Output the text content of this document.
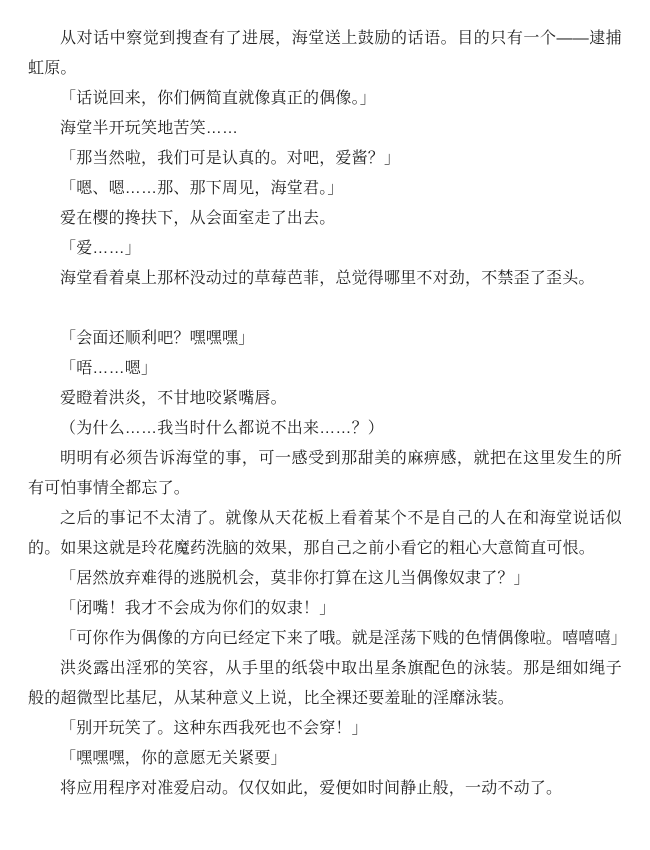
从对话中察觉到搜查有了进展，海堂送上鼓励的话语。目的只有一个——逮捕虹原。

「话说回来，你们俩简直就像真正的偶像。」

海堂半开玩笑地苦笑……

「那当然啦，我们可是认真的。对吧，爱酱？」

「嗯、嗯……那、那下周见，海堂君。」

爱在樱的搀扶下，从会面室走了出去。

「爱……」

海堂看着桌上那杯没动过的草莓芭菲，总觉得哪里不对劲，不禁歪了歪头。

「会面还顺利吧？嘿嘿嘿」

「唔……嗯」

爱瞪着洪炎，不甘地咬紧嘴唇。

（为什么……我当时什么都说不出来……？）

明明有必须告诉海堂的事，可一感受到那甜美的麻痹感，就把在这里发生的所有可怕事情全都忘了。

之后的事记不太清了。就像从天花板上看着某个不是自己的人在和海堂说话似的。如果这就是玲花魔药洗脑的效果，那自己之前小看它的粗心大意简直可恨。

「居然放弃难得的逃脱机会，莫非你打算在这儿当偶像奴隶了？」

「闭嘴！我才不会成为你们的奴隶！」

「可你作为偶像的方向已经定下来了哦。就是淫荡下贱的色情偶像啦。嘻嘻嘻」

洪炎露出淫邪的笑容，从手里的纸袋中取出星条旗配色的泳装。那是细如绳子般的超微型比基尼，从某种意义上说，比全裸还要羞耻的淫靡泳装。

「别开玩笑了。这种东西我死也不会穿！」

「嘿嘿嘿，你的意愿无关紧要」

将应用程序对准爱启动。仅仅如此，爱便如时间静止般，一动不动了。
